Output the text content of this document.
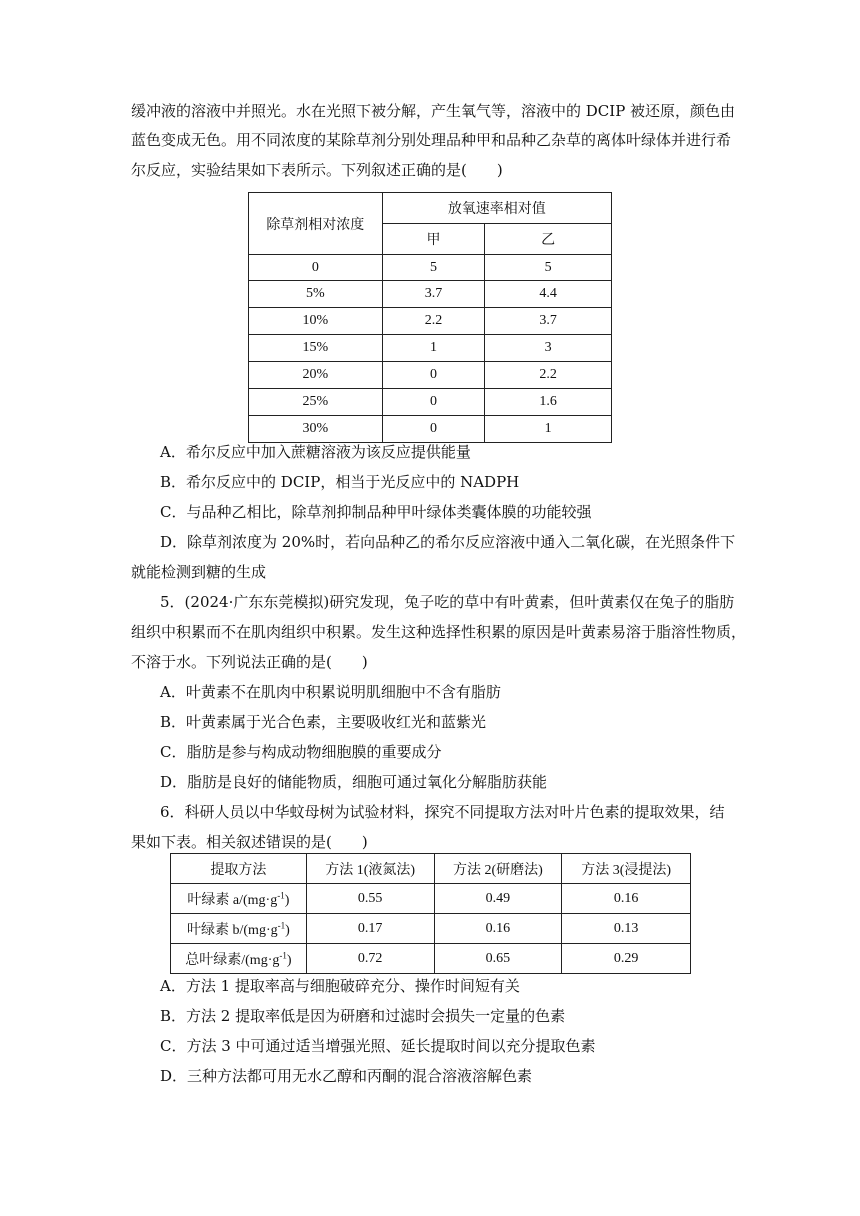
缓冲液的溶液中并照光。水在光照下被分解，产生氧气等，溶液中的 DCIP 被还原，颜色由
蓝色变成无色。用不同浓度的某除草剂分别处理品种甲和品种乙杂草的离体叶绿体并进行希
尔反应，实验结果如下表所示。下列叙述正确的是(　　)
除草剂相对浓度	放氧速率相对值	
	甲	乙
0	5	5
5%	3.7	4.4
10%	2.2	3.7
15%	1	3
20%	0	2.2
25%	0	1.6
30%	0	1
A．希尔反应中加入蔗糖溶液为该反应提供能量
B．希尔反应中的 DCIP，相当于光反应中的 NADPH
C．与品种乙相比，除草剂抑制品种甲叶绿体类囊体膜的功能较强
D．除草剂浓度为 20%时，若向品种乙的希尔反应溶液中通入二氧化碳，在光照条件下
就能检测到糖的生成
5．(2024·广东东莞模拟)研究发现，兔子吃的草中有叶黄素，但叶黄素仅在兔子的脂肪
组织中积累而不在肌肉组织中积累。发生这种选择性积累的原因是叶黄素易溶于脂溶性物质，
不溶于水。下列说法正确的是(　　)
A．叶黄素不在肌肉中积累说明肌细胞中不含有脂肪
B．叶黄素属于光合色素，主要吸收红光和蓝紫光
C．脂肪是参与构成动物细胞膜的重要成分
D．脂肪是良好的储能物质，细胞可通过氧化分解脂肪获能
6．科研人员以中华蚊母树为试验材料，探究不同提取方法对叶片色素的提取效果，结
果如下表。相关叙述错误的是(　　)
提取方法	方法 1(液氮法)	方法 2(研磨法)	方法 3(浸提法)
叶绿素 $a/(mg\cdot g^{-1})$	0.55	0.49	0.16
叶绿素 $b/(mg\cdot g^{-1})$	0.17	0.16	0.13
总叶绿素$/(mg\cdot g^{-1})$	0.72	0.65	0.29
A．方法 1 提取率高与细胞破碎充分、操作时间短有关
B．方法 2 提取率低是因为研磨和过滤时会损失一定量的色素
C．方法 3 中可通过适当增强光照、延长提取时间以充分提取色素
D．三种方法都可用无水乙醇和丙酮的混合溶液溶解色素
